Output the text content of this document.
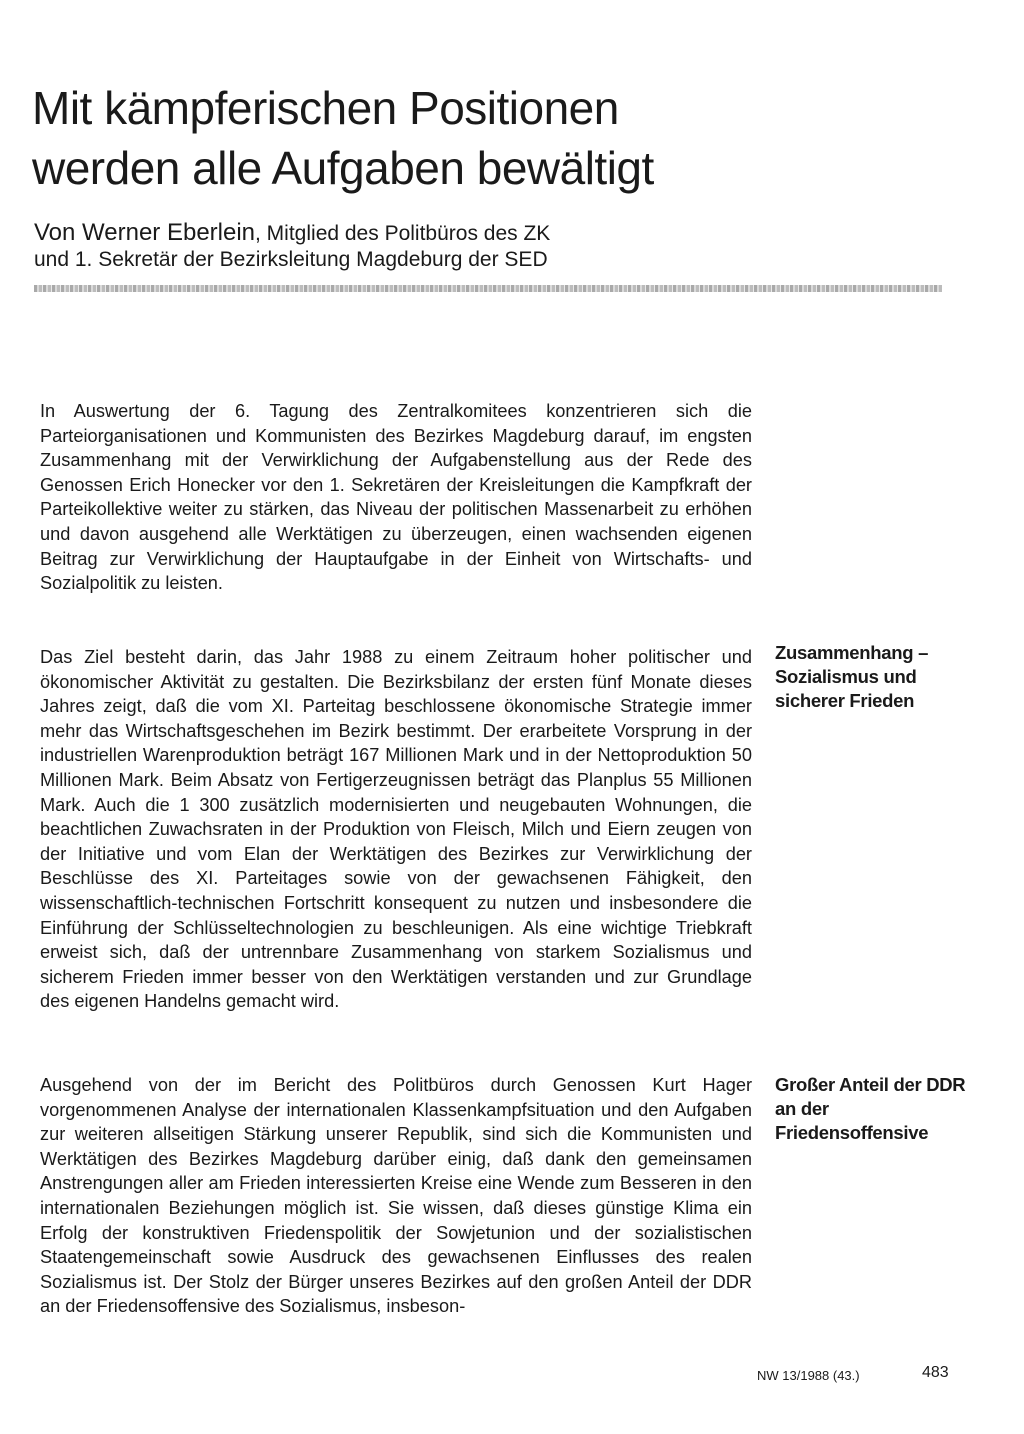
Mit kämpferischen Positionen
werden alle Aufgaben bewältigt

Von Werner Eberlein, Mitglied des Politbüros des ZK
und 1. Sekretär der Bezirksleitung Magdeburg der SED

In Auswertung der 6. Tagung des Zentralkomitees konzentrieren sich die Parteiorganisationen und Kommunisten des Bezirkes Magdeburg darauf, im engsten Zusammenhang mit der Verwirklichung der Aufgabenstellung aus der Rede des Genossen Erich Honecker vor den 1. Sekretären der Kreisleitungen die Kampfkraft der Parteikollektive weiter zu stärken, das Niveau der politischen Massenarbeit zu erhöhen und davon ausgehend alle Werktätigen zu überzeugen, einen wachsenden eigenen Beitrag zur Verwirklichung der Hauptaufgabe in der Einheit von Wirtschafts- und Sozialpolitik zu leisten.

Das Ziel besteht darin, das Jahr 1988 zu einem Zeitraum hoher politischer und ökonomischer Aktivität zu gestalten. Die Bezirksbilanz der ersten fünf Monate dieses Jahres zeigt, daß die vom XI. Parteitag beschlossene ökonomische Strategie immer mehr das Wirtschaftsgeschehen im Bezirk bestimmt. Der erarbeitete Vorsprung in der industriellen Warenproduktion beträgt 167 Millionen Mark und in der Nettoproduktion 50 Millionen Mark. Beim Absatz von Fertigerzeugnissen beträgt das Planplus 55 Millionen Mark. Auch die 1 300 zusätzlich modernisierten und neugebauten Wohnungen, die beachtlichen Zuwachsraten in der Produktion von Fleisch, Milch und Eiern zeugen von der Initiative und vom Elan der Werktätigen des Bezirkes zur Verwirklichung der Beschlüsse des XI. Parteitages sowie von der gewachsenen Fähigkeit, den wissenschaftlich-technischen Fortschritt konsequent zu nutzen und insbesondere die Einführung der Schlüsseltechnologien zu beschleunigen. Als eine wichtige Triebkraft erweist sich, daß der untrennbare Zusammenhang von starkem Sozialismus und sicherem Frieden immer besser von den Werktätigen verstanden und zur Grundlage des eigenen Handelns gemacht wird.

Ausgehend von der im Bericht des Politbüros durch Genossen Kurt Hager vorgenommenen Analyse der internationalen Klassenkampfsituation und den Aufgaben zur weiteren allseitigen Stärkung unserer Republik, sind sich die Kommunisten und Werktätigen des Bezirkes Magdeburg darüber einig, daß dank den gemeinsamen Anstrengungen aller am Frieden interessierten Kreise eine Wende zum Besseren in den internationalen Beziehungen möglich ist. Sie wissen, daß dieses günstige Klima ein Erfolg der konstruktiven Friedenspolitik der Sowjetunion und der sozialistischen Staatengemeinschaft sowie Ausdruck des gewachsenen Einflusses des realen Sozialismus ist. Der Stolz der Bürger unseres Bezirkes auf den großen Anteil der DDR an der Friedensoffensive des Sozialismus, insbeson-

Zusammenhang – Sozialismus und sicherer Frieden

Großer Anteil der DDR an der Friedensoffensive

NW 13/1988 (43.)	483
